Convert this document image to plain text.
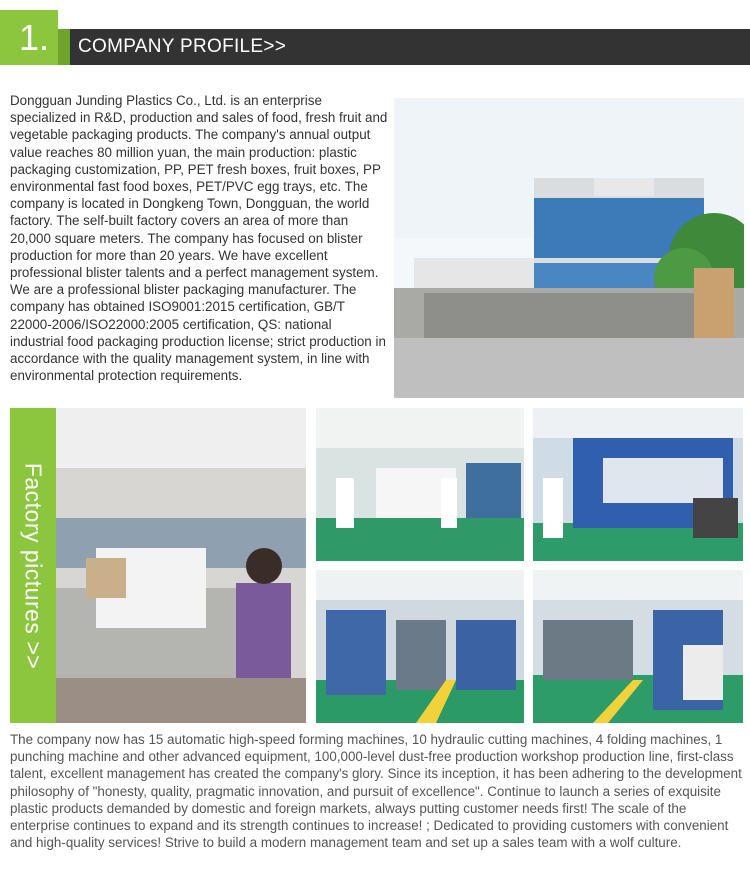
1.	COMPANY PROFILE>>
Dongguan Junding Plastics Co., Ltd. is an enterprise specialized in R&D, production and sales of food, fresh fruit and vegetable packaging products. The company's annual output value reaches 80 million yuan, the main production: plastic packaging customization, PP, PET fresh boxes, fruit boxes, PP environmental fast food boxes, PET/PVC egg trays, etc. The company is located in Dongkeng Town, Dongguan, the world factory. The self-built factory covers an area of more than 20,000 square meters. The company has focused on blister production for more than 20 years. We have excellent professional blister talents and a perfect management system. We are a professional blister packaging manufacturer. The company has obtained ISO9001:2015 certification, GB/T 22000-2006/ISO22000:2005 certification, QS: national industrial food packaging production license; strict production in accordance with the quality management system, in line with environmental protection requirements.
Factory pictures >>
The company now has 15 automatic high-speed forming machines, 10 hydraulic cutting machines, 4 folding machines, 1 punching machine and other advanced equipment, 100,000-level dust-free production workshop production line, first-class talent, excellent management has created the company's glory. Since its inception, it has been adhering to the development philosophy of "honesty, quality, pragmatic innovation, and pursuit of excellence". Continue to launch a series of exquisite plastic products demanded by domestic and foreign markets, always putting customer needs first! The scale of the enterprise continues to expand and its strength continues to increase! ; Dedicated to providing customers with convenient and high-quality services! Strive to build a modern management team and set up a sales team with a wolf culture.
